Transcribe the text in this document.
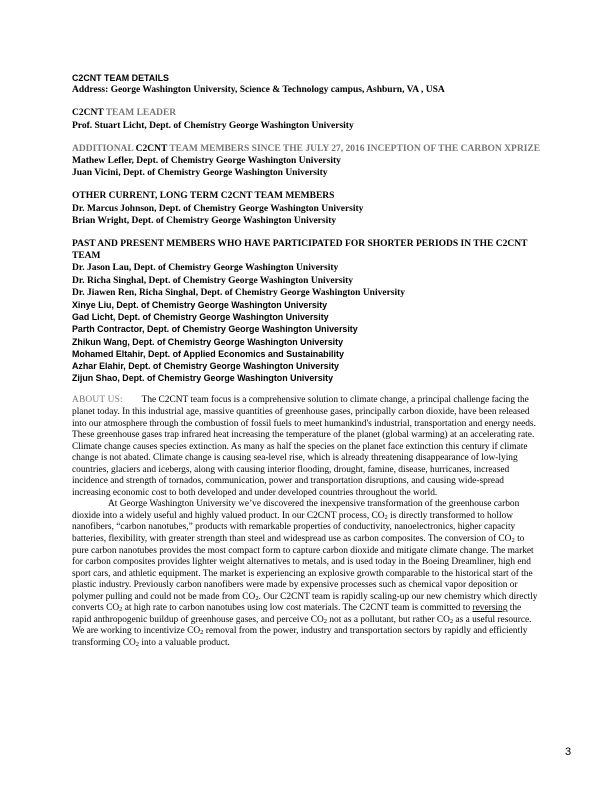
C2CNT TEAM DETAILS
Address: George Washington University, Science & Technology campus, Ashburn, VA , USA
C2CNT TEAM LEADER
Prof. Stuart Licht, Dept. of Chemistry George Washington University
ADDITIONAL C2CNT TEAM MEMBERS SINCE THE JULY 27, 2016 INCEPTION OF THE CARBON XPRIZE
Mathew Lefler, Dept. of Chemistry George Washington University
Juan Vicini, Dept. of Chemistry George Washington University
OTHER CURRENT, LONG TERM C2CNT TEAM MEMBERS
Dr. Marcus Johnson, Dept. of Chemistry George Washington University
Brian Wright, Dept. of Chemistry George Washington University
PAST AND PRESENT MEMBERS WHO HAVE PARTICIPATED FOR SHORTER PERIODS IN THE C2CNT TEAM
Dr. Jason Lau, Dept. of Chemistry George Washington University
Dr. Richa Singhal, Dept. of Chemistry George Washington University
Dr. Jiawen Ren, Richa Singhal, Dept. of Chemistry George Washington University
Xinye Liu, Dept. of Chemistry George Washington University
Gad Licht, Dept. of Chemistry George Washington University
Parth Contractor, Dept. of Chemistry George Washington University
Zhikun Wang, Dept. of Chemistry George Washington University
Mohamed Eltahir, Dept. of Applied Economics and Sustainability
Azhar Elahir, Dept. of Chemistry George Washington University
Zijun Shao, Dept. of Chemistry George Washington University

ABOUT US: The C2CNT team focus is a comprehensive solution to climate change, a principal challenge facing the planet today. In this industrial age, massive quantities of greenhouse gases, principally carbon dioxide, have been released into our atmosphere through the combustion of fossil fuels to meet humankind's industrial, transportation and energy needs. These greenhouse gases trap infrared heat increasing the temperature of the planet (global warming) at an accelerating rate. Climate change causes species extinction. As many as half the species on the planet face extinction this century if climate change is not abated. Climate change is causing sea-level rise, which is already threatening disappearance of low-lying countries, glaciers and icebergs, along with causing interior flooding, drought, famine, disease, hurricanes, increased incidence and strength of tornados, communication, power and transportation disruptions, and causing wide-spread increasing economic cost to both developed and under developed countries throughout the world.

At George Washington University we’ve discovered the inexpensive transformation of the greenhouse carbon dioxide into a widely useful and highly valued product. In our C2CNT process, $CO_2$ is directly transformed to hollow nanofibers, “carbon nanotubes,” products with remarkable properties of conductivity, nanoelectronics, higher capacity batteries, flexibility, with greater strength than steel and widespread use as carbon composites. The conversion of $CO_2$ to pure carbon nanotubes provides the most compact form to capture carbon dioxide and mitigate climate change. The market for carbon composites provides lighter weight alternatives to metals, and is used today in the Boeing Dreamliner, high end sport cars, and athletic equipment. The market is experiencing an explosive growth comparable to the historical start of the plastic industry. Previously carbon nanofibers were made by expensive processes such as chemical vapor deposition or polymer pulling and could not be made from $CO_2$. Our C2CNT team is rapidly scaling-up our new chemistry which directly converts $CO_2$ at high rate to carbon nanotubes using low cost materials. The C2CNT team is committed to reversing the rapid anthropogenic buildup of greenhouse gases, and perceive $CO_2$ not as a pollutant, but rather $CO_2$ as a useful resource. We are working to incentivize $CO_2$ removal from the power, industry and transportation sectors by rapidly and efficiently transforming $CO_2$ into a valuable product.

3
